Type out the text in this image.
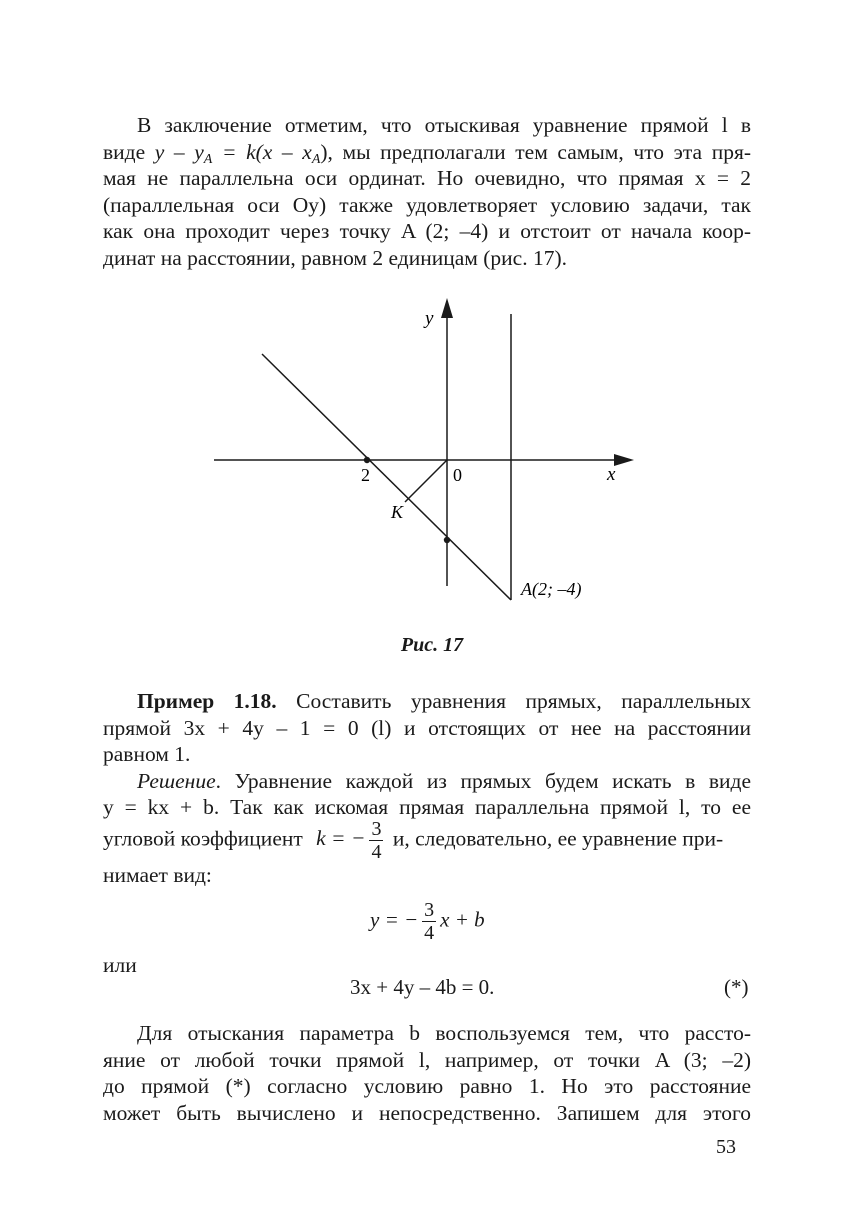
В заключение отметим, что отыскивая уравнение прямой l в
виде $y - y_A = k(x - x_A)$, мы предполагали тем самым, что эта пря-
мая не параллельна оси ординат. Но очевидно, что прямая x = 2
(параллельная оси Oy) также удовлетворяет условию задачи, так
как она проходит через точку A (2; –4) и отстоит от начала коор-
динат на расстоянии, равном 2 единицам (рис. 17).
y
x
2	0
K
A(2; –4)
Рис. 17
Пример 1.18. Составить уравнения прямых, параллельных
прямой 3x + 4y – 1 = 0 (l) и отстоящих от нее на расстоянии
равном 1.
Решение. Уравнение каждой из прямых будем искать в виде
y = kx + b. Так как искомая прямая параллельна прямой l, то ее
угловой коэффициент k = − $\frac{3}{4} и$, следовательно, ее уравнение при-
нимает вид:
y = − $\frac{3}{4}$ x + b
или
3x + 4y – 4b = 0.	(*)
Для отыскания параметра b воспользуемся тем, что рассто-
яние от любой точки прямой l, например, от точки A (3; –2)
до прямой (*) согласно условию равно 1. Но это расстояние
может быть вычислено и непосредственно. Запишем для этого
53
